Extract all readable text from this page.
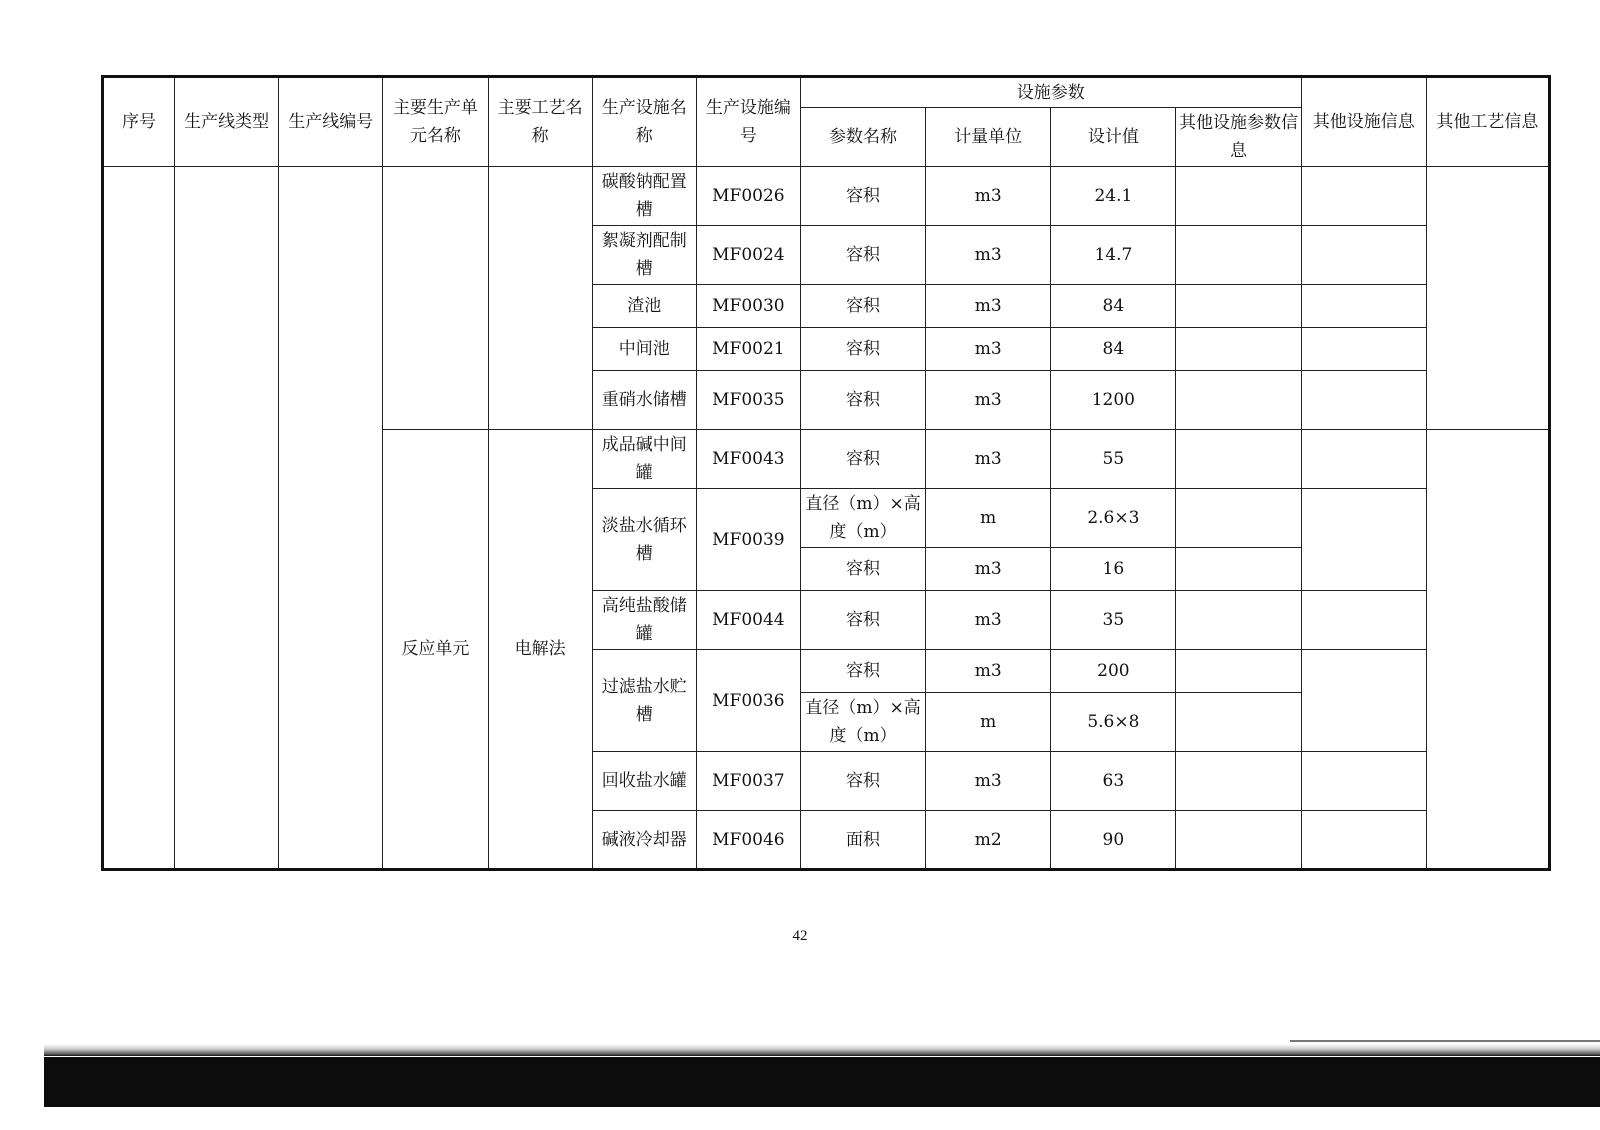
序号	生产线类型	生产线编号	主要生产单元名称	主要工艺名称	生产设施名称	生产设施编号	设施参数				其他设施信息	其他工艺信息
							参数名称	计量单位	设计值	其他设施参数信息		
					碳酸钠配置槽	MF0026	容积	m3	24.1			
					絮凝剂配制槽	MF0024	容积	m3	14.7			
					渣池	MF0030	容积	m3	84			
					中间池	MF0021	容积	m3	84			
					重硝水储槽	MF0035	容积	m3	1200			
			反应单元	电解法	成品碱中间罐	MF0043	容积	m3	55			
					淡盐水循环槽	MF0039	直径（m）×高度（m）	m	2.6×3			
							容积	m3	16			
					高纯盐酸储罐	MF0044	容积	m3	35			
					过滤盐水贮槽	MF0036	容积	m3	200			
							直径（m）×高度（m）	m	5.6×8			
					回收盐水罐	MF0037	容积	m3	63			
					碱液冷却器	MF0046	面积	m2	90			
42
